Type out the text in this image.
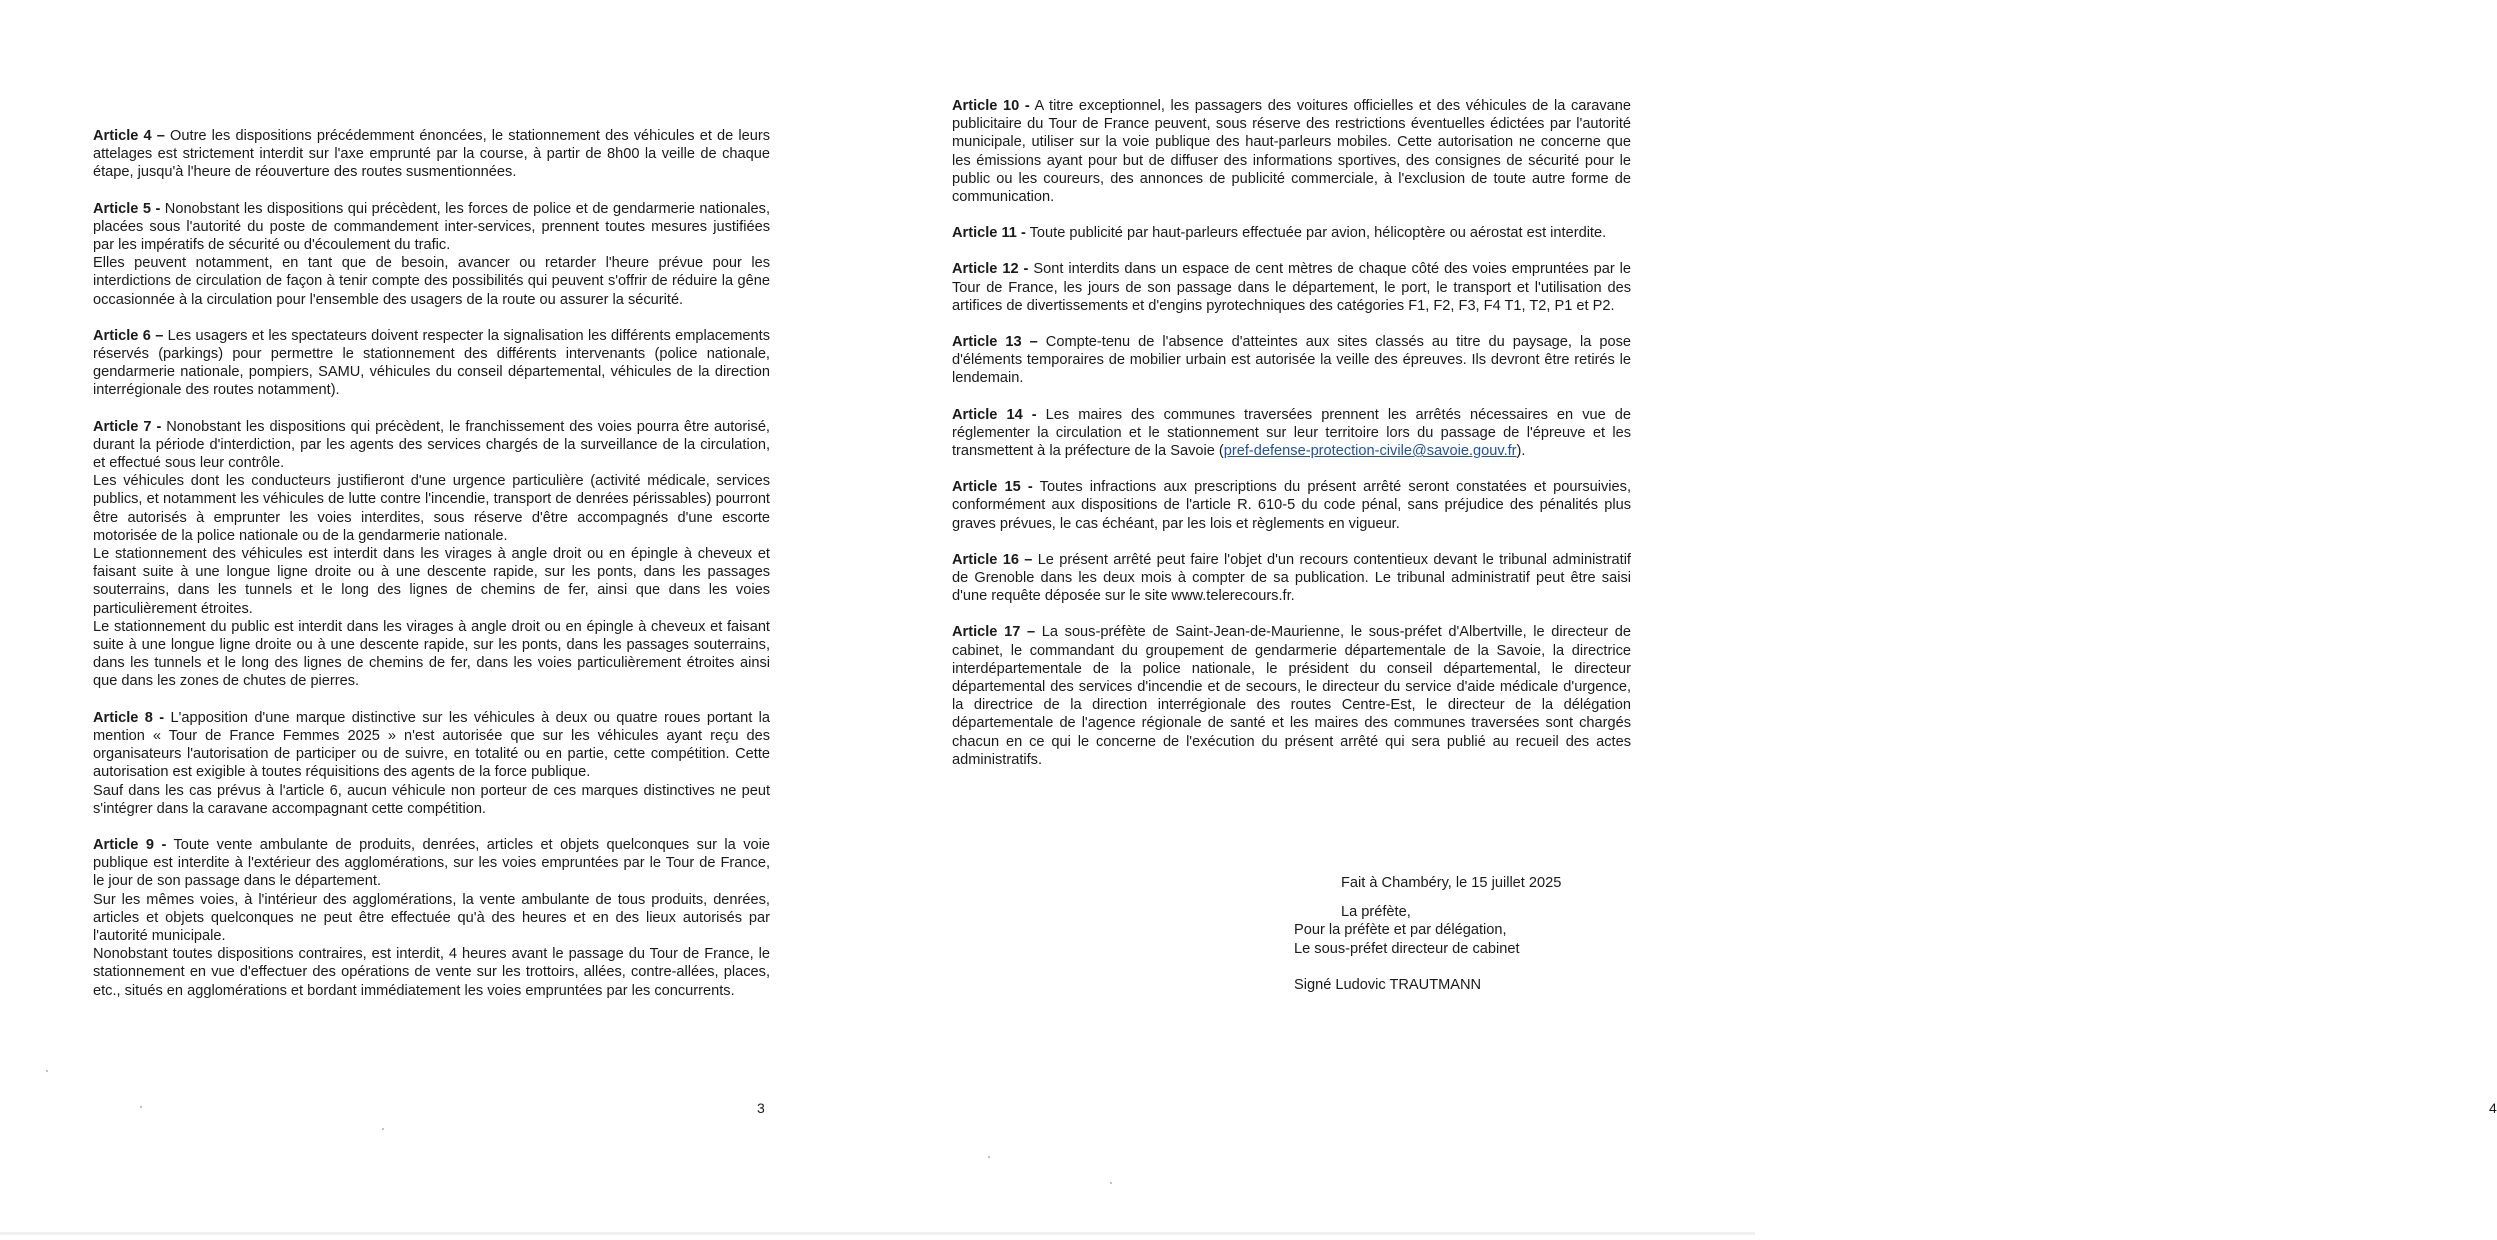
Article 4 – Outre les dispositions précédemment énoncées, le stationnement des véhicules et de leurs attelages est strictement interdit sur l'axe emprunté par la course, à partir de 8h00 la veille de chaque étape, jusqu'à l'heure de réouverture des routes susmentionnées.

Article 5 - Nonobstant les dispositions qui précèdent, les forces de police et de gendarmerie nationales, placées sous l'autorité du poste de commandement inter-services, prennent toutes mesures justifiées par les impératifs de sécurité ou d'écoulement du trafic.

Elles peuvent notamment, en tant que de besoin, avancer ou retarder l'heure prévue pour les interdictions de circulation de façon à tenir compte des possibilités qui peuvent s'offrir de réduire la gêne occasionnée à la circulation pour l'ensemble des usagers de la route ou assurer la sécurité.

Article 6 – Les usagers et les spectateurs doivent respecter la signalisation les différents emplacements réservés (parkings) pour permettre le stationnement des différents intervenants (police nationale, gendarmerie nationale, pompiers, SAMU, véhicules du conseil départemental, véhicules de la direction interrégionale des routes notamment).

Article 7 - Nonobstant les dispositions qui précèdent, le franchissement des voies pourra être autorisé, durant la période d'interdiction, par les agents des services chargés de la surveillance de la circulation, et effectué sous leur contrôle.

Les véhicules dont les conducteurs justifieront d'une urgence particulière (activité médicale, services publics, et notamment les véhicules de lutte contre l'incendie, transport de denrées périssables) pourront être autorisés à emprunter les voies interdites, sous réserve d'être accompagnés d'une escorte motorisée de la police nationale ou de la gendarmerie nationale.

Le stationnement des véhicules est interdit dans les virages à angle droit ou en épingle à cheveux et faisant suite à une longue ligne droite ou à une descente rapide, sur les ponts, dans les passages souterrains, dans les tunnels et le long des lignes de chemins de fer, ainsi que dans les voies particulièrement étroites.

Le stationnement du public est interdit dans les virages à angle droit ou en épingle à cheveux et faisant suite à une longue ligne droite ou à une descente rapide, sur les ponts, dans les passages souterrains, dans les tunnels et le long des lignes de chemins de fer, dans les voies particulièrement étroites ainsi que dans les zones de chutes de pierres.

Article 8 - L'apposition d'une marque distinctive sur les véhicules à deux ou quatre roues portant la mention « Tour de France Femmes 2025 » n'est autorisée que sur les véhicules ayant reçu des organisateurs l'autorisation de participer ou de suivre, en totalité ou en partie, cette compétition. Cette autorisation est exigible à toutes réquisitions des agents de la force publique.

Sauf dans les cas prévus à l'article 6, aucun véhicule non porteur de ces marques distinctives ne peut s'intégrer dans la caravane accompagnant cette compétition.

Article 9 - Toute vente ambulante de produits, denrées, articles et objets quelconques sur la voie publique est interdite à l'extérieur des agglomérations, sur les voies empruntées par le Tour de France, le jour de son passage dans le département.

Sur les mêmes voies, à l'intérieur des agglomérations, la vente ambulante de tous produits, denrées, articles et objets quelconques ne peut être effectuée qu'à des heures et en des lieux autorisés par l'autorité municipale.

Nonobstant toutes dispositions contraires, est interdit, 4 heures avant le passage du Tour de France, le stationnement en vue d'effectuer des opérations de vente sur les trottoirs, allées, contre-allées, places, etc., situés en agglomérations et bordant immédiatement les voies empruntées par les concurrents.

3

Article 10 - A titre exceptionnel, les passagers des voitures officielles et des véhicules de la caravane publicitaire du Tour de France peuvent, sous réserve des restrictions éventuelles édictées par l'autorité municipale, utiliser sur la voie publique des haut-parleurs mobiles. Cette autorisation ne concerne que les émissions ayant pour but de diffuser des informations sportives, des consignes de sécurité pour le public ou les coureurs, des annonces de publicité commerciale, à l'exclusion de toute autre forme de communication.

Article 11 - Toute publicité par haut-parleurs effectuée par avion, hélicoptère ou aérostat est interdite.

Article 12 - Sont interdits dans un espace de cent mètres de chaque côté des voies empruntées par le Tour de France, les jours de son passage dans le département, le port, le transport et l'utilisation des artifices de divertissements et d'engins pyrotechniques des catégories F1, F2, F3, F4 T1, T2, P1 et P2.

Article 13 – Compte-tenu de l'absence d'atteintes aux sites classés au titre du paysage, la pose d'éléments temporaires de mobilier urbain est autorisée la veille des épreuves. Ils devront être retirés le lendemain.

Article 14 - Les maires des communes traversées prennent les arrêtés nécessaires en vue de réglementer la circulation et le stationnement sur leur territoire lors du passage de l'épreuve et les transmettent à la préfecture de la Savoie (pref-defense-protection-civile@savoie.gouv.fr).

Article 15 - Toutes infractions aux prescriptions du présent arrêté seront constatées et poursuivies, conformément aux dispositions de l'article R. 610-5 du code pénal, sans préjudice des pénalités plus graves prévues, le cas échéant, par les lois et règlements en vigueur.

Article 16 – Le présent arrêté peut faire l'objet d'un recours contentieux devant le tribunal administratif de Grenoble dans les deux mois à compter de sa publication. Le tribunal administratif peut être saisi d'une requête déposée sur le site www.telerecours.fr.

Article 17 – La sous-préfète de Saint-Jean-de-Maurienne, le sous-préfet d'Albertville, le directeur de cabinet, le commandant du groupement de gendarmerie départementale de la Savoie, la directrice interdépartementale de la police nationale, le président du conseil départemental, le directeur départemental des services d'incendie et de secours, le directeur du service d'aide médicale d'urgence, la directrice de la direction interrégionale des routes Centre-Est, le directeur de la délégation départementale de l'agence régionale de santé et les maires des communes traversées sont chargés chacun en ce qui le concerne de l'exécution du présent arrêté qui sera publié au recueil des actes administratifs.

4
Fait à Chambéry, le 15 juillet 2025
La préfète,
Pour la préfète et par délégation,
Le sous-préfet directeur de cabinet
Signé Ludovic TRAUTMANN
